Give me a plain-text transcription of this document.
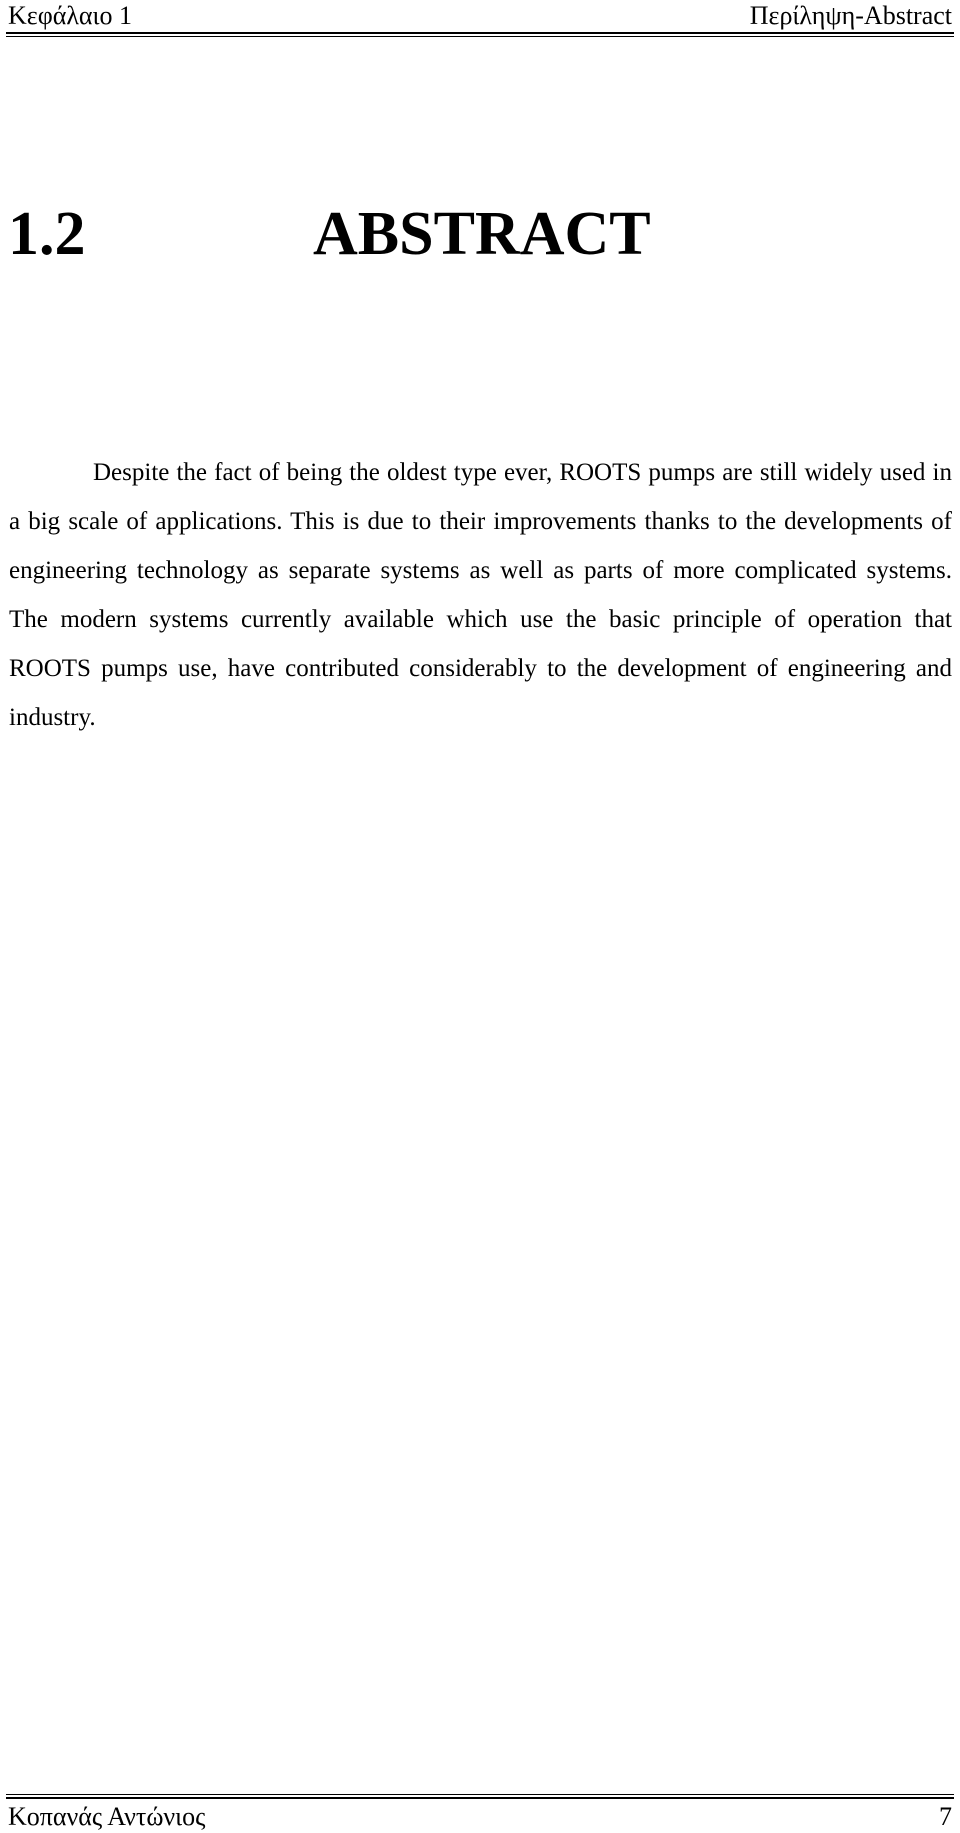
Κεφάλαιο 1	Περίληψη-Abstract
1.2	ABSTRACT

Despite the fact of being the oldest type ever, ROOTS pumps are still widely used in a big scale of applications. This is due to their improvements thanks to the developments of engineering technology as separate systems as well as parts of more complicated systems. The modern systems currently available which use the basic principle of operation that ROOTS pumps use, have contributed considerably to the development of engineering and industry.

Κοπανάς Αντώνιος	7
